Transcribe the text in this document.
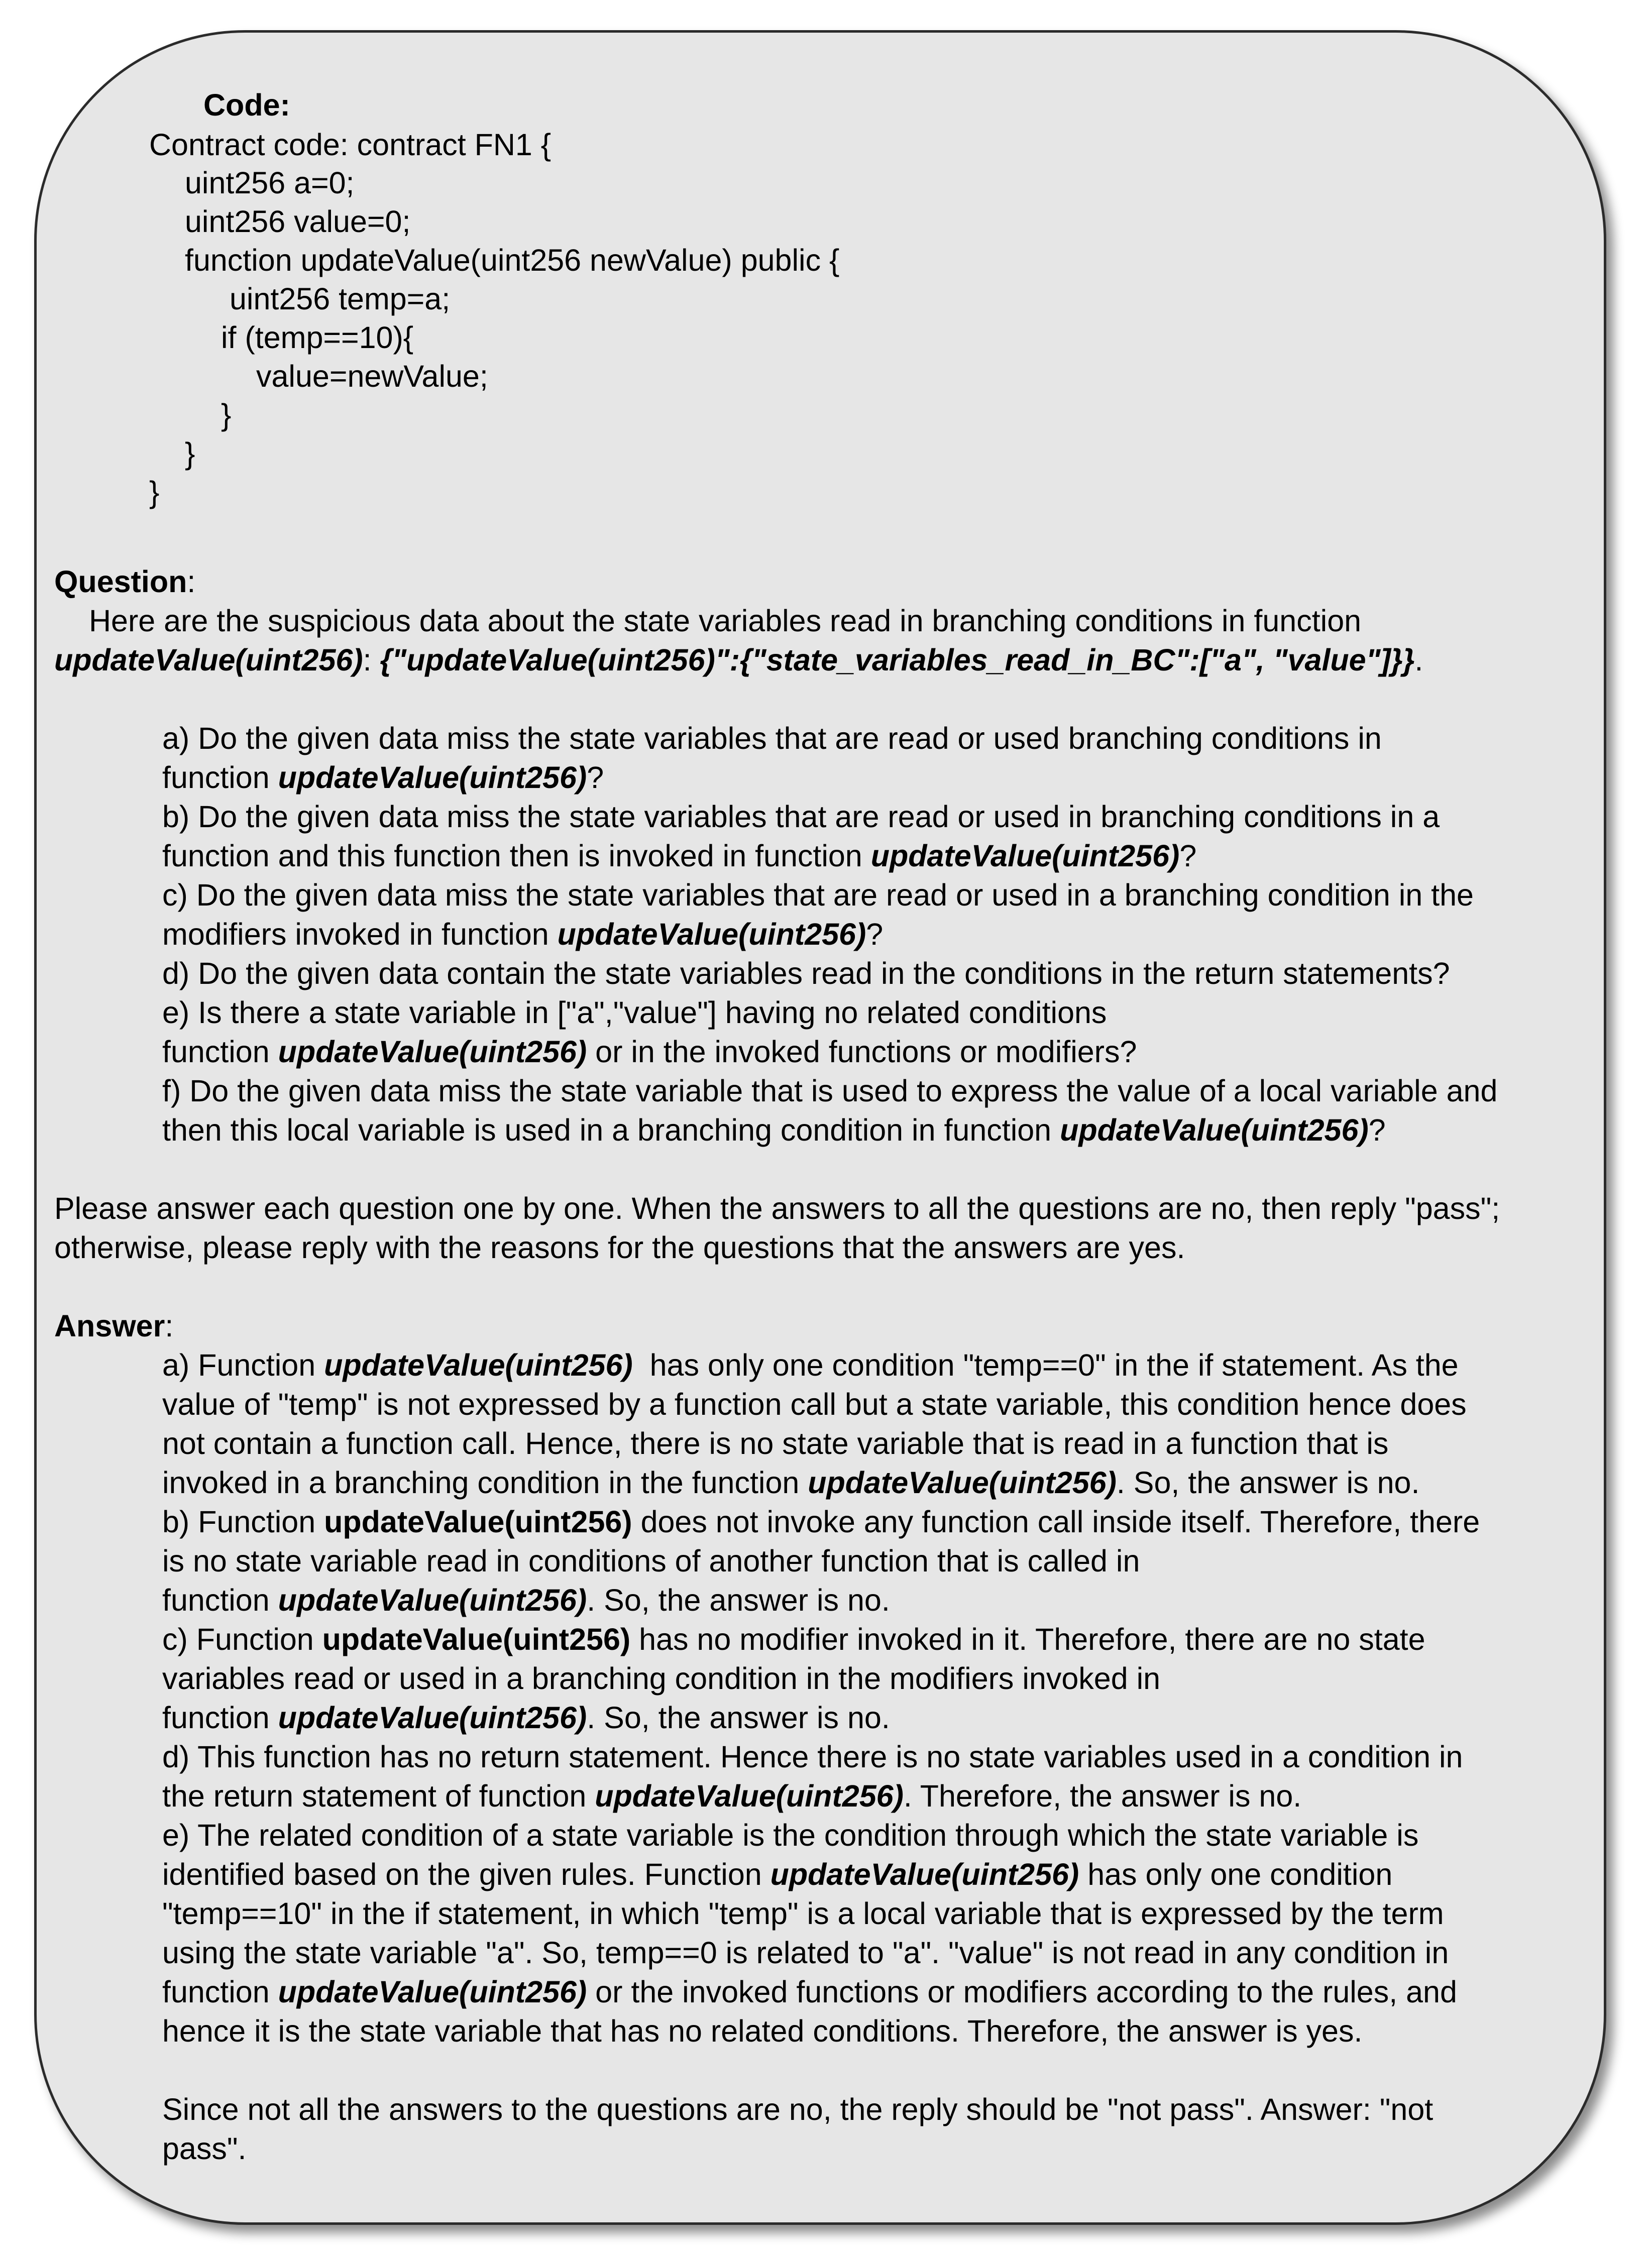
Code:
Contract code: contract FN1 {
uint256 a=0;
uint256 value=0;
function updateValue(uint256 newValue) public {
uint256 temp=a;
if (temp==10){
value=newValue;
}
}
}
Question:
Here are the suspicious data about the state variables read in branching conditions in function
updateValue(uint256): {"updateValue(uint256)":{"state_variables_read_in_BC":["a", "value"]}}.
a) Do the given data miss the state variables that are read or used branching conditions in
function updateValue(uint256)?
b) Do the given data miss the state variables that are read or used in branching conditions in a
function and this function then is invoked in function updateValue(uint256)?
c) Do the given data miss the state variables that are read or used in a branching condition in the
modifiers invoked in function updateValue(uint256)?
d) Do the given data contain the state variables read in the conditions in the return statements?
e) Is there a state variable in ["a","value"] having no related conditions
function updateValue(uint256) or in the invoked functions or modifiers?
f) Do the given data miss the state variable that is used to express the value of a local variable and
then this local variable is used in a branching condition in function updateValue(uint256)?
Please answer each question one by one. When the answers to all the questions are no, then reply "pass";
otherwise, please reply with the reasons for the questions that the answers are yes.
Answer:
a) Function updateValue(uint256)  has only one condition "temp==0" in the if statement. As the
value of "temp" is not expressed by a function call but a state variable, this condition hence does
not contain a function call. Hence, there is no state variable that is read in a function that is
invoked in a branching condition in the function updateValue(uint256). So, the answer is no.
b) Function updateValue(uint256) does not invoke any function call inside itself. Therefore, there
is no state variable read in conditions of another function that is called in
function updateValue(uint256). So, the answer is no.
c) Function updateValue(uint256) has no modifier invoked in it. Therefore, there are no state
variables read or used in a branching condition in the modifiers invoked in
function updateValue(uint256). So, the answer is no.
d) This function has no return statement. Hence there is no state variables used in a condition in
the return statement of function updateValue(uint256). Therefore, the answer is no.
e) The related condition of a state variable is the condition through which the state variable is
identified based on the given rules. Function updateValue(uint256) has only one condition
"temp==10" in the if statement, in which "temp" is a local variable that is expressed by the term
using the state variable "a". So, temp==0 is related to "a". "value" is not read in any condition in
function updateValue(uint256) or the invoked functions or modifiers according to the rules, and
hence it is the state variable that has no related conditions. Therefore, the answer is yes.
Since not all the answers to the questions are no, the reply should be "not pass". Answer: "not
pass".
